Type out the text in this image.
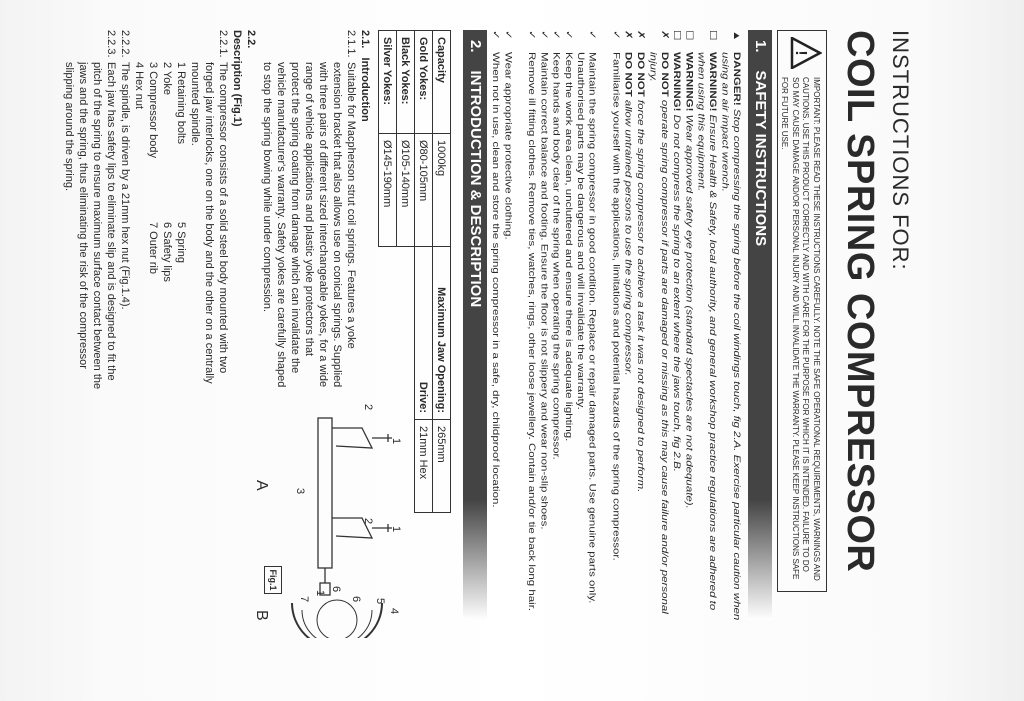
INSTRUCTIONS FOR:
COIL SPRING COMPRESSOR
!
IMPORTANT: PLEASE READ THESE INSTRUCTIONS CAREFULLY. NOTE THE SAFE OPERATIONAL REQUIREMENTS, WARNINGS AND CAUTIONS. USE THIS PRODUCT CORRECTLY AND WITH CARE FOR THE PURPOSE FOR WHICH IT IS INTENDED. FAILURE TO DO SO MAY CAUSE DAMAGE AND/OR PERSONAL INJURY AND WILL INVALIDATE THE WARRANTY. PLEASE KEEP INSTRUCTIONS SAFE FOR FUTURE USE.
1.SAFETY INSTRUCTIONS
▲
DANGER! Stop compressing the spring before the coil windings touch, fig 2.A. Exercise particular caution when using an air impact wrench.
☐
WARNING! Ensure Health & Safety, local authority, and general workshop practice regulations are adhered to when using this equipment.
☐
WARNING! Wear approved safety eye protection (standard spectacles are not adequate).
☐
WARNING! Do not compress the spring to an extent where the jaws touch, fig 2.B.
✗
DO NOT operate spring compressor if parts are damaged or missing as this may cause failure and/or personal injury.
✗
DO NOT force the spring compressor to achieve a task it was not designed to perform.
✗
DO NOT allow untrained persons to use the spring compressor.
✓
Familiarise yourself with the applications, limitations and potential hazards of the spring compressor.
✓
Maintain the spring compressor in good condition. Replace or repair damaged parts. Use genuine parts only. Unauthorised parts may be dangerous and will invalidate the warranty.
✓
Keep the work area clean, uncluttered and ensure there is adequate lighting.
✓
Keep hands and body clear of the spring when operating the spring compressor.
✓
Maintain correct balance and footing. Ensure the floor is not slippery and wear non-slip shoes.
✓
Remove ill fitting clothes. Remove ties, watches, rings, other loose jewellery. Contain and/or tie back long hair.
✓
Wear appropriate protective clothing.
✓
When not in use, clean and store the spring compressor in a safe, dry, childproof location.
2.INTRODUCTION & DESCRIPTION
Capacity	1000kg	Maximum Jaw Opening:	265mm
Gold Yokes:	Ø80-105mm	Drive:	21mm Hex
Black Yokes:	Ø105-140mm		
Silver Yokes:	Ø145-190mm		
2.1.   Introduction
2.1.1.
Suitable for Macpherson strut coil springs. Features a yoke extension bracket that also allows use on conical springs. Supplied with three pairs of different sized interchangeable yokes, for a wide range of vehicle applications and plastic yoke protectors that protect the spring coating from damage which can invalidate the vehicle manufacturer's warranty. Safety yokes are carefully shaped to stop the spring bowing while under compression.
2.2.
Description (Fig.1)
2.2.1.
The compressor consists of a solid steel body mounted with two forged jaw interlocks, one on the body and the other on a centrally mounted spindle.
1 Retaining bolts
2 Yoke
3 Compressor body
4 Hex nut
5 Spring
6 Safety lips
7 Outer rib
2.2.2.
The spindle, is driven by a 21mm hex nut (Fig.1.4).
2.2.3.
Each jaw has safety lips to eliminate slip and is designed to fit the pitch of the spring to ensure maximum surface contact between the jaws and the spring, thus eliminating the risk of the compressor slipping around the spring.
Fig.1
A
B
1
2
2
1
3
4
5
6
7
6
1
